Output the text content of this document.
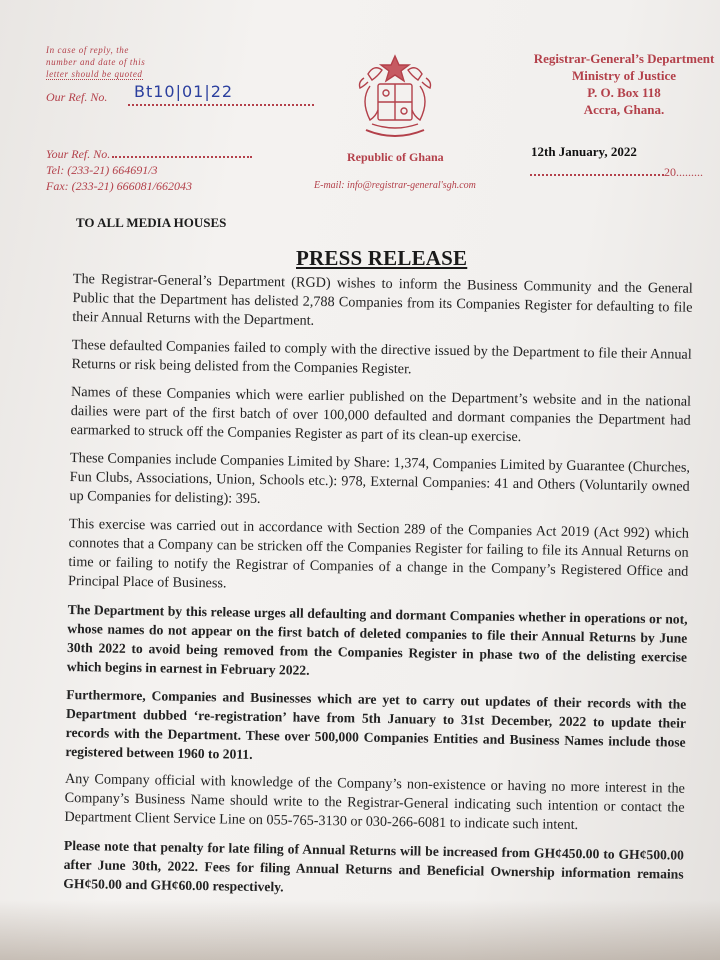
In case of reply, the
number and date of this
letter should be quoted
Our Ref. No. Bt10|01|22
Your Ref. No.
Tel: (233-21) 664691/3
Fax: (233-21) 666081/662043
Republic of Ghana
E-mail: info@registrar-general'sgh.com
Registrar-General’s Department
Ministry of Justice
P. O. Box 118
Accra, Ghana.
12th January, 2022
20.........
TO ALL MEDIA HOUSES
PRESS RELEASE

The Registrar-General’s Department (RGD) wishes to inform the Business Community and the General Public that the Department has delisted 2,788 Companies from its Companies Register for defaulting to file their Annual Returns with the Department.

These defaulted Companies failed to comply with the directive issued by the Department to file their Annual Returns or risk being delisted from the Companies Register.

Names of these Companies which were earlier published on the Department’s website and in the national dailies were part of the first batch of over 100,000 defaulted and dormant companies the Department had earmarked to struck off the Companies Register as part of its clean-up exercise.

These Companies include Companies Limited by Share: 1,374, Companies Limited by Guarantee (Churches, Fun Clubs, Associations, Union, Schools etc.): 978, External Companies: 41 and Others (Voluntarily owned up Companies for delisting): 395.

This exercise was carried out in accordance with Section 289 of the Companies Act 2019 (Act 992) which connotes that a Company can be stricken off the Companies Register for failing to file its Annual Returns on time or failing to notify the Registrar of Companies of a change in the Company’s Registered Office and Principal Place of Business.

The Department by this release urges all defaulting and dormant Companies whether in operations or not, whose names do not appear on the first batch of deleted companies to file their Annual Returns by June 30th 2022 to avoid being removed from the Companies Register in phase two of the delisting exercise which begins in earnest in February 2022.

Furthermore, Companies and Businesses which are yet to carry out updates of their records with the Department dubbed ‘re-registration’ have from 5th January to 31st December, 2022 to update their records with the Department. These over 500,000 Companies Entities and Business Names include those registered between 1960 to 2011.

Any Company official with knowledge of the Company’s non-existence or having no more interest in the Company’s Business Name should write to the Registrar-General indicating such intention or contact the Department Client Service Line on 055-765-3130 or 030-266-6081 to indicate such intent.

Please note that penalty for late filing of Annual Returns will be increased from GH¢450.00 to GH¢500.00 after June 30th, 2022. Fees for filing Annual Returns and Beneficial Ownership information remains GH¢50.00 and GH¢60.00 respectively.
